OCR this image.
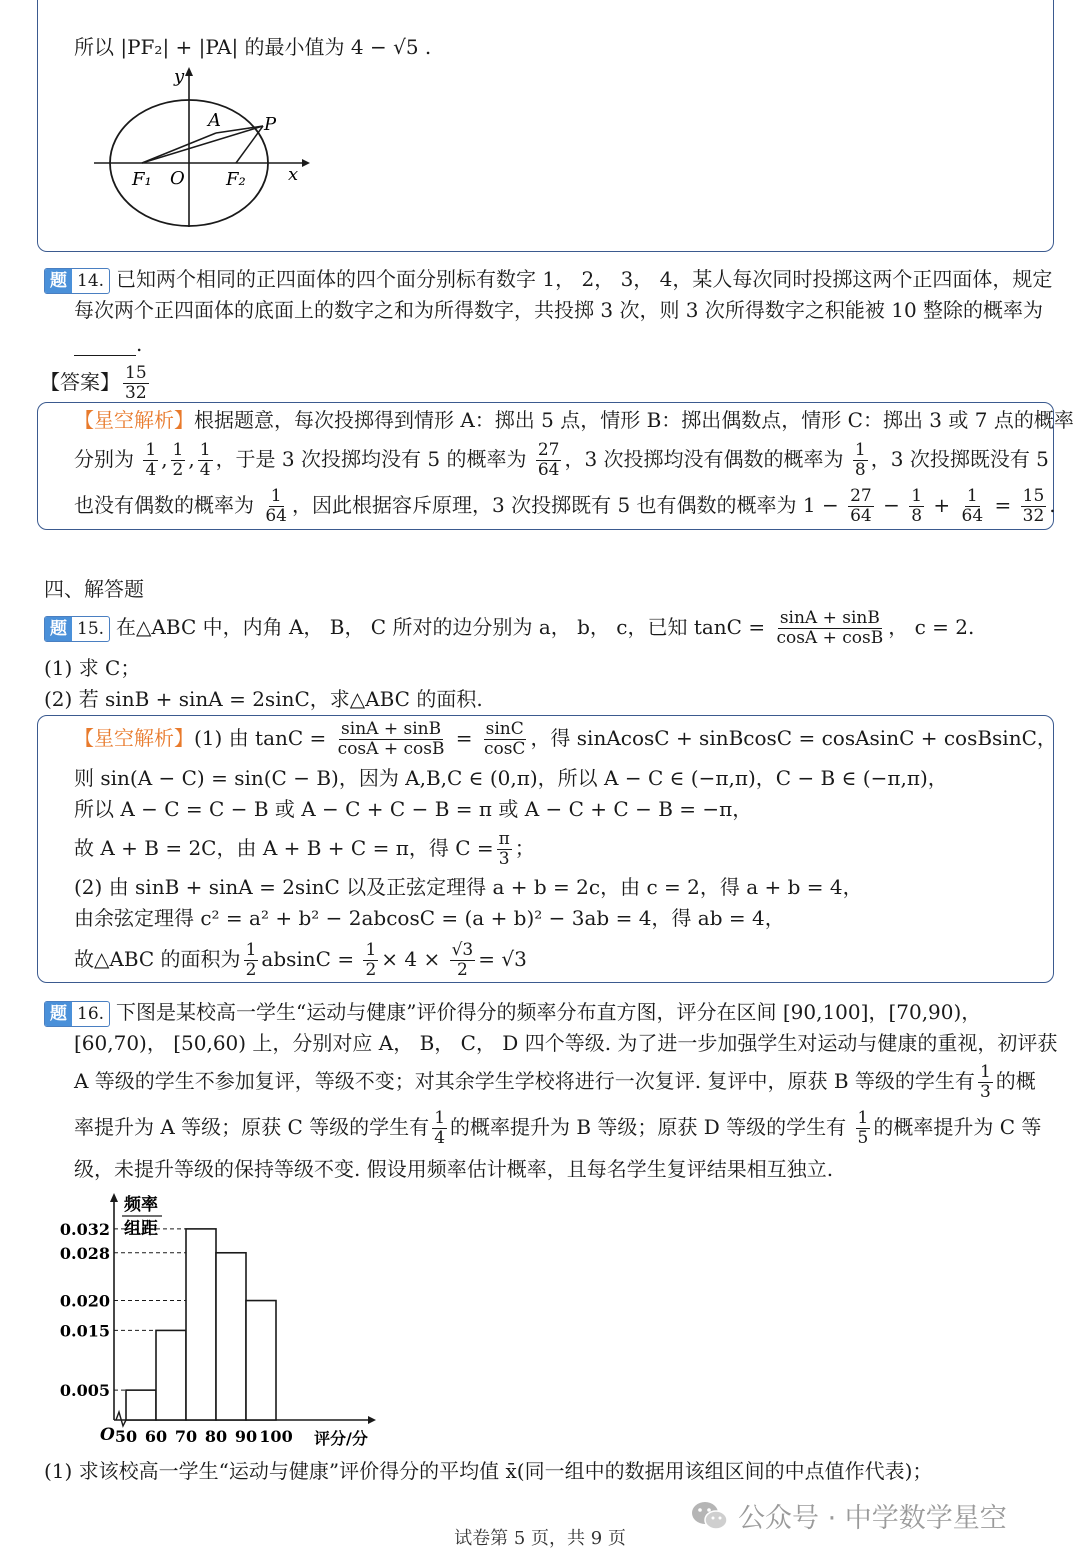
所以 |PF₂| + |PA| 的最小值为 4 − √5 .
y
x
A P
F₁ O F₂
题 14. 已知两个相同的正四面体的四个面分别标有数字 1， 2， 3， 4，某人每次同时投掷这两个正四面体，规定
每次两个正四面体的底面上的数字之和为所得数字，共投掷 3 次，则 3 次所得数字之积能被 10 整除的概率为
.
【答案】 $\frac{15}{32}$
【星空解析】根据题意，每次投掷得到情形 A：掷出 5 点，情形 B：掷出偶数点，情形 C：掷出 3 或 7 点的概率
分别为 $\frac{1}{4}$ , $\frac{1}{2}$ , $\frac{1}{4}$ ，于是 3 次投掷均没有 5 的概率为 $\frac{27}{64}$ ，3 次投掷均没有偶数的概率为 $\frac{1}{8}$ ，3 次投掷既没有 5
也没有偶数的概率为 $\frac{1}{64}$ ，因此根据容斥原理，3 次投掷既有 5 也有偶数的概率为 $1 - \frac{27}{64} - \frac{1}{8} + \frac{1}{64} = \frac{15}{32}$ .
四、解答题
题 15. 在△ABC 中，内角 A， B， C 所对的边分别为 a， b， c，已知 $\tan C = \frac{\sin A + \sin B}{\cos A + \cos B}$ ， c = 2.
(1) 求 C；
(2) 若 sinB + sinA = 2sinC，求△ABC 的面积.
【星空解析】(1) 由 $\tan C = \frac{\sin A + \sin B}{\cos A + \cos B} = \frac{\sin C}{\cos C}$ ，得 sinAcosC + sinBcosC = cosAsinC + cosBsinC，
则 sin(A − C) = sin(C − B)，因为 A,B,C ∈ (0,π)，所以 A − C ∈ (−π,π)，C − B ∈ (−π,π)，
所以 A − C = C − B 或 A − C + C − B = π 或 A − C + C − B = −π，
故 A + B = 2C，由 A + B + C = π，得 $C = \frac{\pi}{3}$ ；
(2) 由 sinB + sinA = 2sinC 以及正弦定理得 a + b = 2c，由 c = 2，得 a + b = 4，
由余弦定理得 c² = a² + b² − 2abcosC = (a + b)² − 3ab = 4，得 ab = 4，
故△ABC 的面积为 $\frac{1}{2}$ $absinC = \frac{1}{2} \times 4 \times \frac{√3}{2} = √3$
题 16. 下图是某校高一学生“运动与健康”评价得分的频率分布直方图，评分在区间 [90,100]，[70,90)，
[60,70)， [50,60) 上，分别对应 A， B， C， D 四个等级. 为了进一步加强学生对运动与健康的重视，初评获
A 等级的学生不参加复评，等级不变；对其余学生学校将进行一次复评. 复评中，原获 B 等级的学生有 $\frac{1}{3}$ 的概
率提升为 A 等级；原获 C 等级的学生有 $\frac{1}{4}$ 的概率提升为 B 等级；原获 D 等级的学生有 $\frac{1}{5}$ 的概率提升为 C 等
级，未提升等级的保持等级不变. 假设用频率估计概率，且每名学生复评结果相互独立.
0.032
0.028
0.020
0.015
0.005
50 60 70 80 90 100
O	评分/分
频率
组距
(1) 求该校高一学生“运动与健康”评价得分的平均值 x̄(同一组中的数据用该组区间的中点值作代表)；
公众号 · 中学数学星空
试卷第 5 页，共 9 页
